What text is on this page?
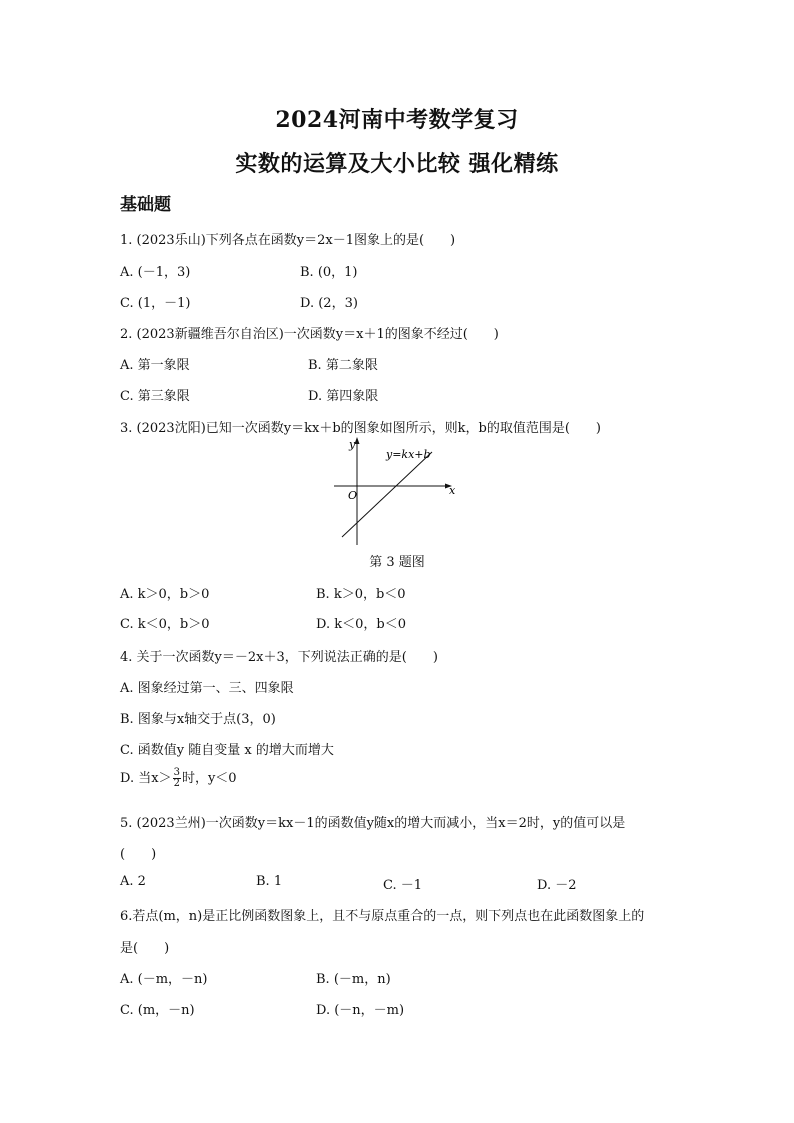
2024河南中考数学复习
实数的运算及大小比较 强化精练
基础题
1. (2023乐山)下列各点在函数y＝2x－1图象上的是(　　)
A. (－1，3)	B. (0，1)
C. (1，－1)	D. (2，3)
2. (2023新疆维吾尔自治区)一次函数y＝x＋1的图象不经过(　　)
A. 第一象限	B. 第二象限
C. 第三象限	D. 第四象限
3. (2023沈阳)已知一次函数y＝kx＋b的图象如图所示，则k，b的取值范围是(　　)
y
x
O
y=kx+b
第 3 题图
A. k＞0，b＞0	B. k＞0，b＜0
C. k＜0，b＞0	D. k＜0，b＜0
4. 关于一次函数y＝－2x＋3，下列说法正确的是(　　)
A. 图象经过第一、三、四象限
B. 图象与x轴交于点(3，0)
C. 函数值y 随自变量 x 的增大而增大
D. 当$x> \frac{3}{2}$ 时，y＜0
5. (2023兰州)一次函数y＝kx－1的函数值y随x的增大而减小，当x＝2时，y的值可以是
(　　)
A. 2	B. 1	C. －1	D. －2
6.若点(m，n)是正比例函数图象上，且不与原点重合的一点，则下列点也在此函数图象上的
是(　　)
A. (－m，－n)	B. (－m，n)
C. (m，－n)	D. (－n，－m)
